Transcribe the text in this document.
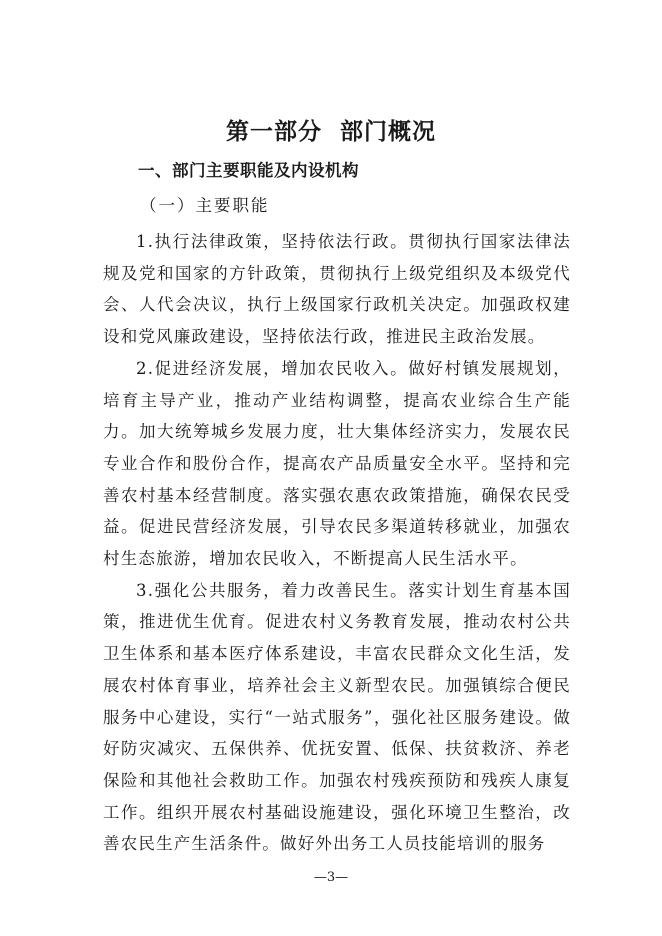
第一部分  部门概况
一、部门主要职能及内设机构
（一）主要职能

1.执行法律政策，坚持依法行政。贯彻执行国家法律法规及党和国家的方针政策，贯彻执行上级党组织及本级党代会、人代会决议，执行上级国家行政机关决定。加强政权建设和党风廉政建设，坚持依法行政，推进民主政治发展。

2.促进经济发展，增加农民收入。做好村镇发展规划，培育主导产业，推动产业结构调整，提高农业综合生产能力。加大统筹城乡发展力度，壮大集体经济实力，发展农民专业合作和股份合作，提高农产品质量安全水平。坚持和完善农村基本经营制度。落实强农惠农政策措施，确保农民受益。促进民营经济发展，引导农民多渠道转移就业，加强农村生态旅游，增加农民收入，不断提高人民生活水平。

3.强化公共服务，着力改善民生。落实计划生育基本国策，推进优生优育。促进农村义务教育发展，推动农村公共卫生体系和基本医疗体系建设，丰富农民群众文化生活，发展农村体育事业，培养社会主义新型农民。加强镇综合便民服务中心建设，实行“一站式服务”，强化社区服务建设。做好防灾减灾、五保供养、优抚安置、低保、扶贫救济、养老保险和其他社会救助工作。加强农村残疾预防和残疾人康复工作。组织开展农村基础设施建设，强化环境卫生整治，改善农民生产生活条件。做好外出务工人员技能培训的服务

—3—
